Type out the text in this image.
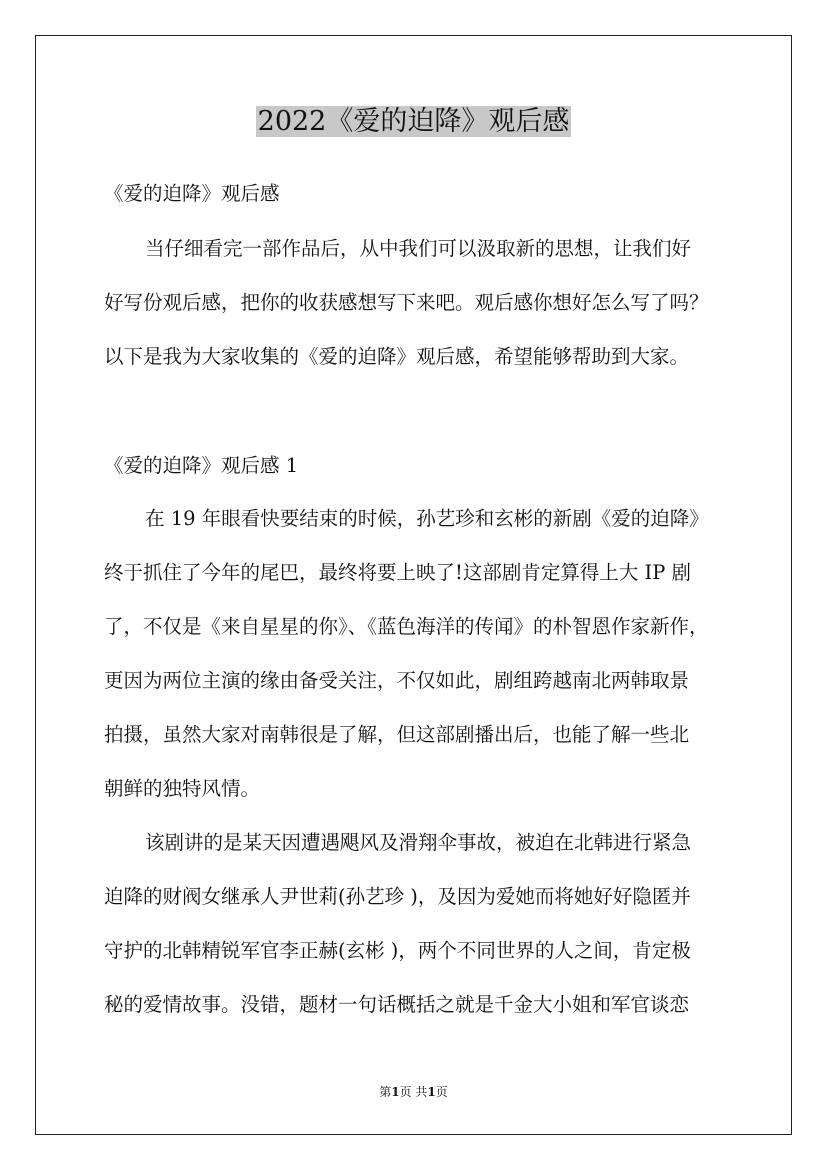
2022《爱的迫降》观后感
《爱的迫降》观后感
当仔细看完一部作品后，从中我们可以汲取新的思想，让我们好
好写份观后感，把你的收获感想写下来吧。观后感你想好怎么写了吗？
以下是我为大家收集的《爱的迫降》观后感，希望能够帮助到大家。
《爱的迫降》观后感 1
在 19 年眼看快要结束的时候，孙艺珍和玄彬的新剧《爱的迫降》
终于抓住了今年的尾巴，最终将要上映了!这部剧肯定算得上大 IP 剧
了，不仅是《来自星星的你》、《蓝色海洋的传闻》的朴智恩作家新作，
更因为两位主演的缘由备受关注，不仅如此，剧组跨越南北两韩取景
拍摄，虽然大家对南韩很是了解，但这部剧播出后，也能了解一些北
朝鲜的独特风情。
该剧讲的是某天因遭遇飓风及滑翔伞事故，被迫在北韩进行紧急
迫降的财阀女继承人尹世莉(孙艺珍 )，及因为爱她而将她好好隐匿并
守护的北韩精锐军官李正赫(玄彬 )，两个不同世界的人之间，肯定极
秘的爱情故事。没错，题材一句话概括之就是千金大小姐和军官谈恋
第1页 共1页
